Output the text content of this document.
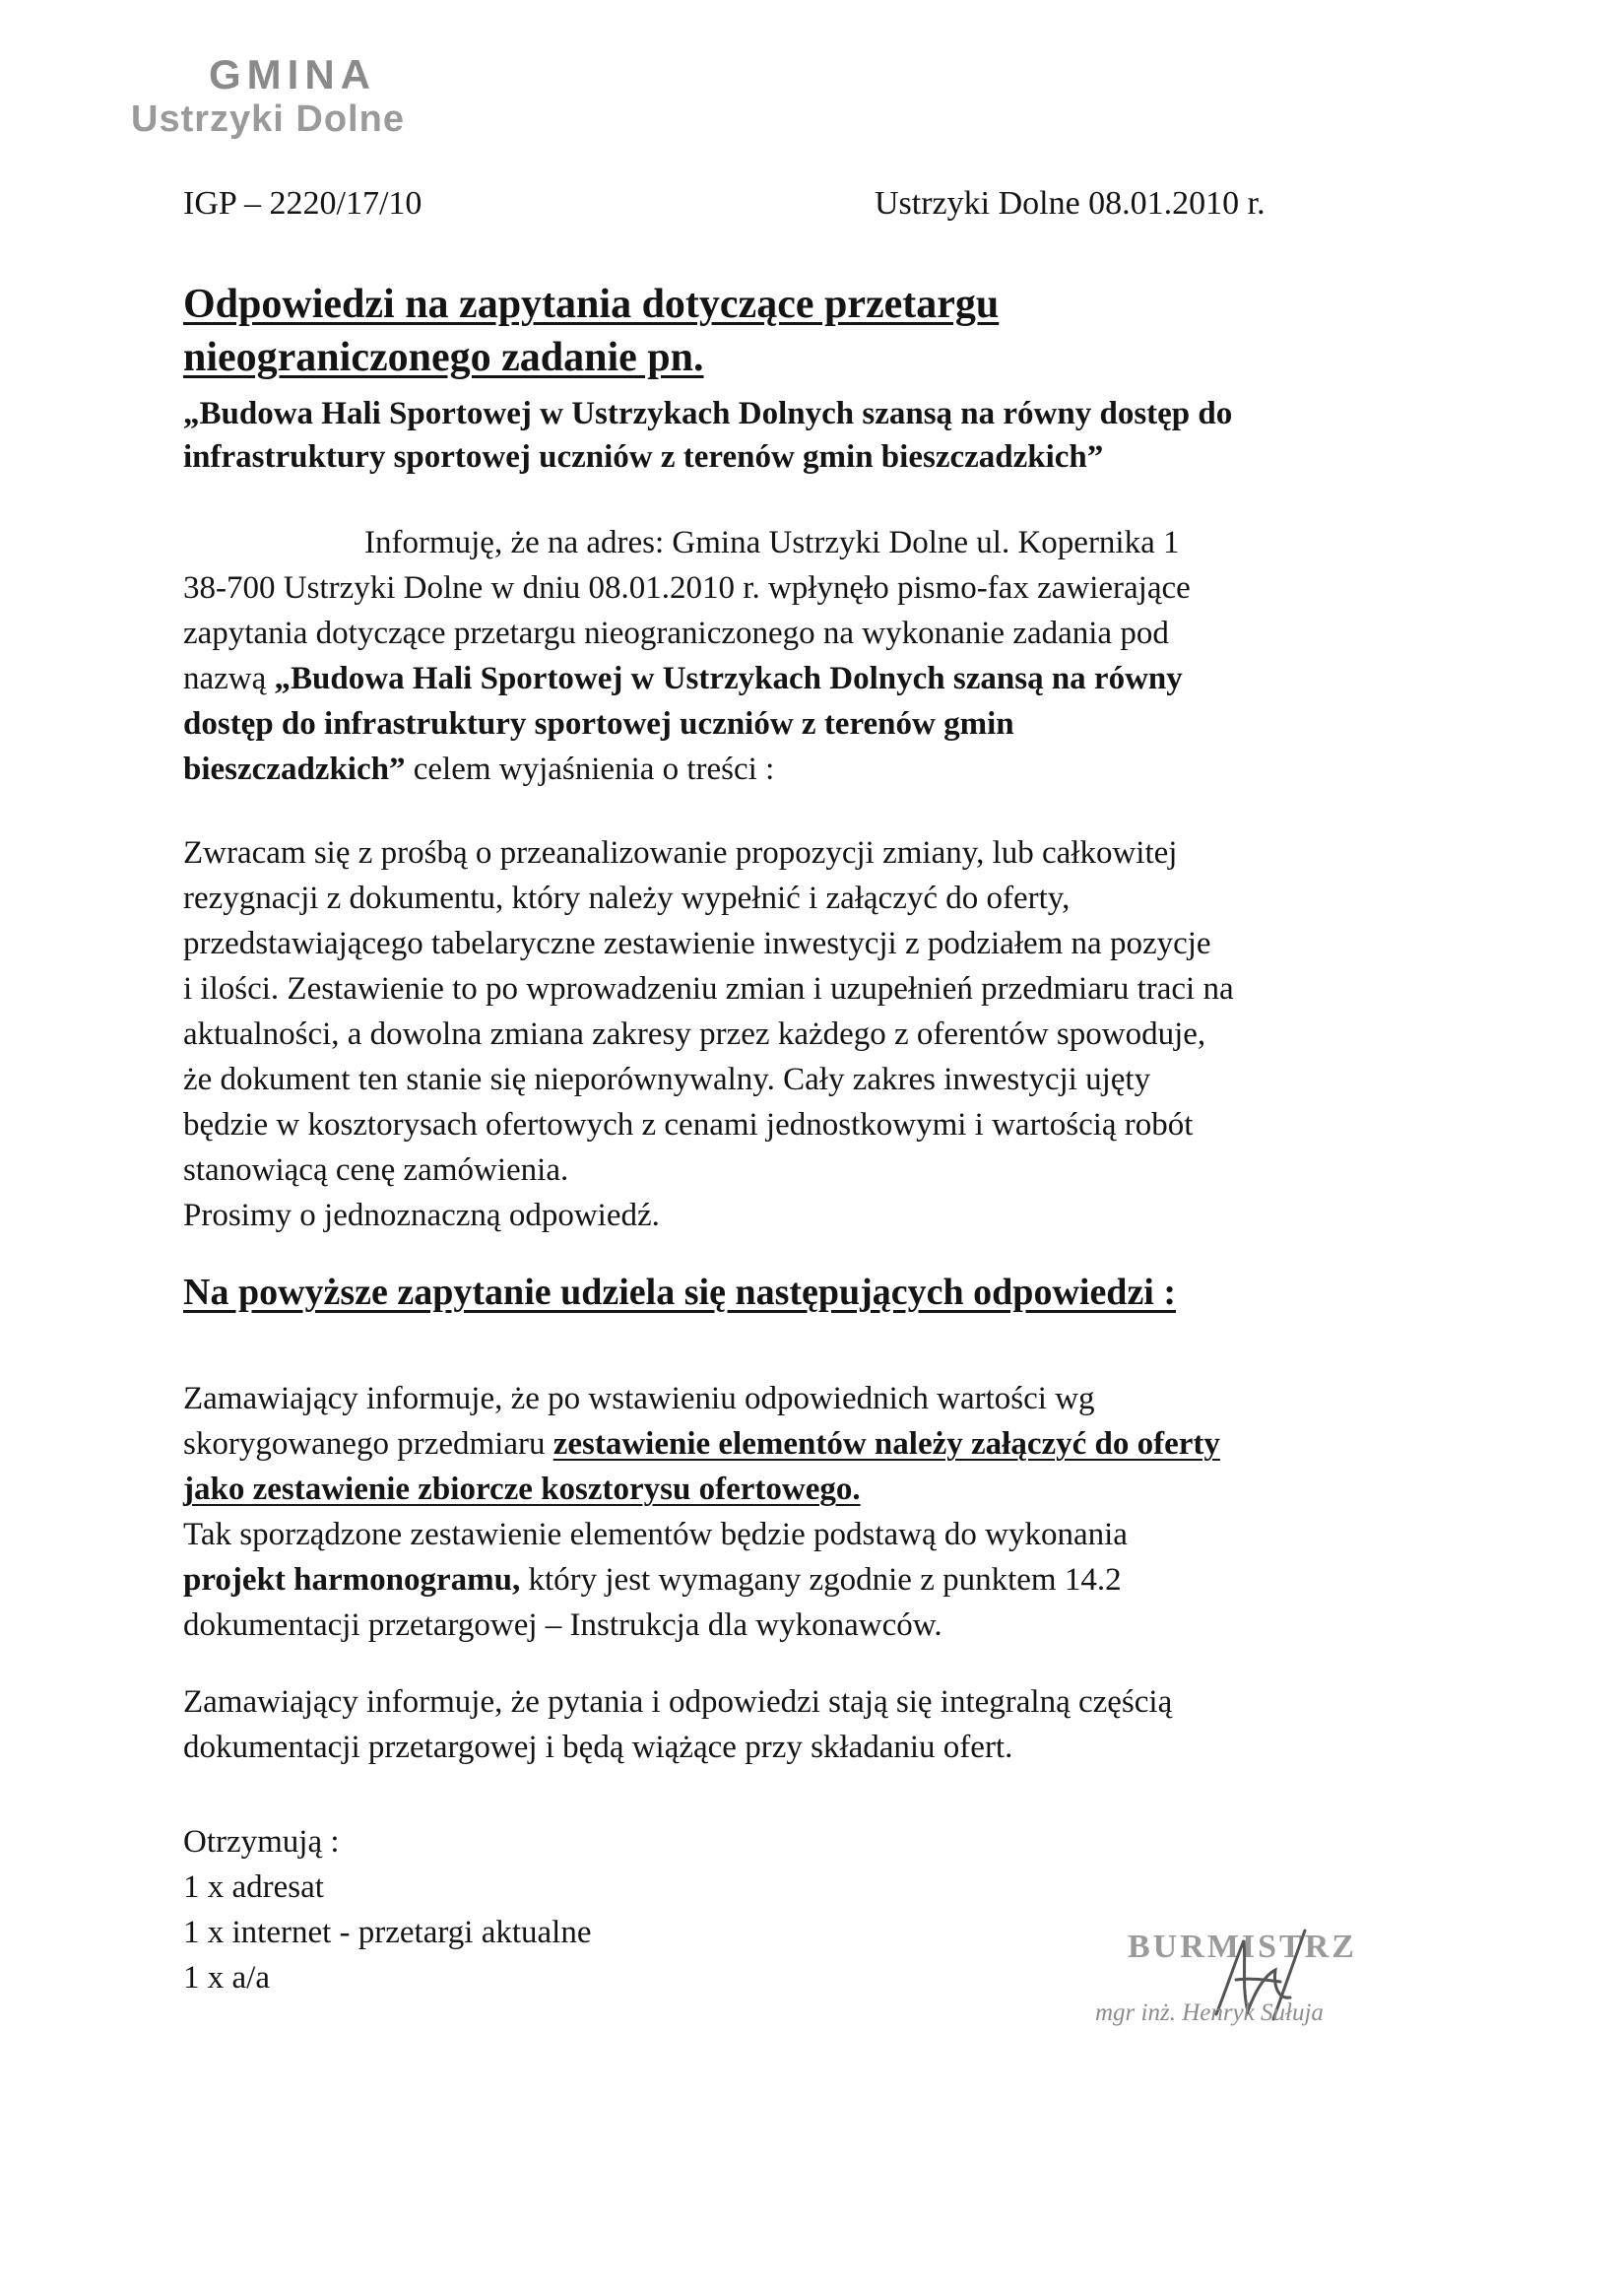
GMINA
Ustrzyki Dolne
IGP – 2220/17/10	Ustrzyki Dolne 08.01.2010 r.
Odpowiedzi na zapytania dotyczące przetargu
nieograniczonego zadanie pn.
„Budowa Hali Sportowej w Ustrzykach Dolnych szansą na równy dostęp do
infrastruktury sportowej uczniów z terenów gmin bieszczadzkich”
Informuję, że na adres: Gmina Ustrzyki Dolne ul. Kopernika 1
38-700 Ustrzyki Dolne w dniu 08.01.2010 r. wpłynęło pismo-fax zawierające
zapytania dotyczące przetargu nieograniczonego na wykonanie zadania pod
nazwą „Budowa Hali Sportowej w Ustrzykach Dolnych szansą na równy
dostęp do infrastruktury sportowej uczniów z terenów gmin
bieszczadzkich” celem wyjaśnienia o treści :
Zwracam się z prośbą o przeanalizowanie propozycji zmiany, lub całkowitej
rezygnacji z dokumentu, który należy wypełnić i załączyć do oferty,
przedstawiającego tabelaryczne zestawienie inwestycji z podziałem na pozycje
i ilości. Zestawienie to po wprowadzeniu zmian i uzupełnień przedmiaru traci na
aktualności, a dowolna zmiana zakresy przez każdego z oferentów spowoduje,
że dokument ten stanie się nieporównywalny. Cały zakres inwestycji ujęty
będzie w kosztorysach ofertowych z cenami jednostkowymi i wartością robót
stanowiącą cenę zamówienia.
Prosimy o jednoznaczną odpowiedź.
Na powyższe zapytanie udziela się następujących odpowiedzi :
Zamawiający informuje, że po wstawieniu odpowiednich wartości wg
skorygowanego przedmiaru zestawienie elementów należy załączyć do oferty
jako zestawienie zbiorcze kosztorysu ofertowego.
Tak sporządzone zestawienie elementów będzie podstawą do wykonania
projekt harmonogramu, który jest wymagany zgodnie z punktem 14.2
dokumentacji przetargowej – Instrukcja dla wykonawców.
Zamawiający informuje, że pytania i odpowiedzi stają się integralną częścią
dokumentacji przetargowej i będą wiążące przy składaniu ofert.
Otrzymują :
1 x adresat
1 x internet - przetargi aktualne
1 x a/a
BURMISTRZ
mgr inż. Henryk Sułuja
